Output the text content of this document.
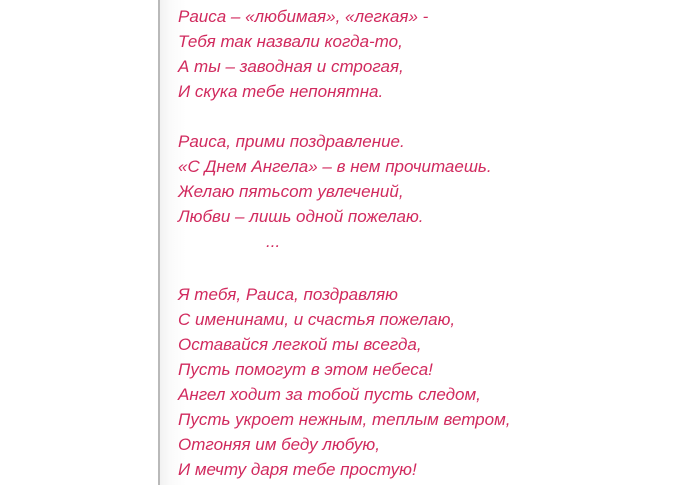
Раиса – «любимая», «легкая» -
Тебя так назвали когда-то,
А ты – заводная и строгая,
И скука тебе непонятна.
Раиса, прими поздравление.
«С Днем Ангела» – в нем прочитаешь.
Желаю пятьсот увлечений,
Любви – лишь одной пожелаю.
...
Я тебя, Раиса, поздравляю
С именинами, и счастья пожелаю,
Оставайся легкой ты всегда,
Пусть помогут в этом небеса!
Ангел ходит за тобой пусть следом,
Пусть укроет нежным, теплым ветром,
Отгоняя им беду любую,
И мечту даря тебе простую!
